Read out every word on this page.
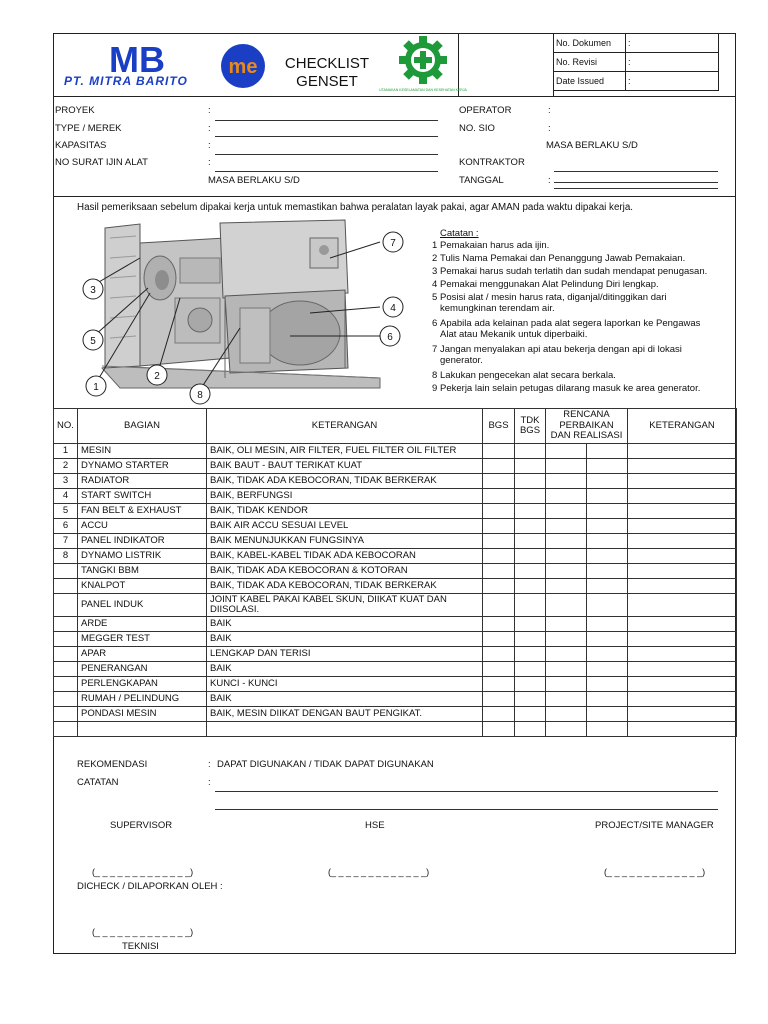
MB
PT. MITRA BARITO
me	CHECKLIST
GENSET	UTAMAKAN KESELAMATAN DAN KESEHATAN KERJA
No. Dokumen	:
No. Revisi	:
Date Issued	:
PROYEK	:
TYPE / MEREK	:
KAPASITAS	:
NO SURAT IJIN ALAT	:
MASA BERLAKU S/D
OPERATOR	:
NO. SIO	:
MASA BERLAKU S/D
KONTRAKTOR
TANGGAL	:
Hasil pemeriksaan sebelum dipakai kerja untuk memastikan bahwa peralatan layak pakai, agar AMAN pada waktu dipakai kerja.
7
4
6
3
5
1
2
8
Catatan :
1 Pemakaian harus ada ijin.
2 Tulis Nama Pemakai dan Penanggung Jawab Pemakaian.
3 Pemakai harus sudah terlatih dan sudah mendapat penugasan.
4 Pemakai menggunakan Alat Pelindung Diri lengkap.
5 Posisi alat / mesin harus rata, diganjal/ditinggikan dari
kemungkinan terendam air.
6 Apabila ada kelainan pada alat segera laporkan ke Pengawas
Alat atau Mekanik untuk diperbaiki.
7 Jangan menyalakan api atau bekerja dengan api di lokasi
generator.
8 Lakukan pengecekan alat secara berkala.
9 Pekerja lain selain petugas dilarang masuk ke area generator.
NO.	BAGIAN	KETERANGAN	BGS	TDK BGS	RENCANA PERBAIKAN DAN REALISASI		KETERANGAN
1	MESIN	BAIK, OLI MESIN, AIR FILTER, FUEL FILTER OIL FILTER					
2	DYNAMO STARTER	BAIK BAUT - BAUT TERIKAT KUAT					
3	RADIATOR	BAIK, TIDAK ADA KEBOCORAN, TIDAK BERKERAK					
4	START SWITCH	BAIK, BERFUNGSI					
5	FAN BELT & EXHAUST	BAIK, TIDAK KENDOR					
6	ACCU	BAIK AIR ACCU SESUAI LEVEL					
7	PANEL INDIKATOR	BAIK MENUNJUKKAN FUNGSINYA					
8	DYNAMO LISTRIK	BAIK, KABEL-KABEL TIDAK ADA KEBOCORAN					
	TANGKI BBM	BAIK, TIDAK ADA KEBOCORAN & KOTORAN					
	KNALPOT	BAIK, TIDAK ADA KEBOCORAN, TIDAK BERKERAK					
	PANEL INDUK	JOINT KABEL PAKAI KABEL SKUN, DIIKAT KUAT DAN DIISOLASI.					
	ARDE	BAIK					
	MEGGER TEST	BAIK					
	APAR	LENGKAP DAN TERISI					
	PENERANGAN	BAIK					
	PERLENGKAPAN	KUNCI - KUNCI					
	RUMAH / PELINDUNG	BAIK					
	PONDASI MESIN	BAIK, MESIN DIIKAT DENGAN BAUT PENGIKAT.					

REKOMENDASI	: DAPAT DIGUNAKAN / TIDAK DAPAT DIGUNAKAN
CATATAN	:
SUPERVISOR	HSE	PROJECT/SITE MANAGER
(_ _ _ _ _ _ _ _ _ _ _ _ _)	(_ _ _ _ _ _ _ _ _ _ _ _ _)	(_ _ _ _ _ _ _ _ _ _ _ _ _)
DICHECK / DILAPORKAN OLEH :
(_ _ _ _ _ _ _ _ _ _ _ _ _)
TEKNISI
